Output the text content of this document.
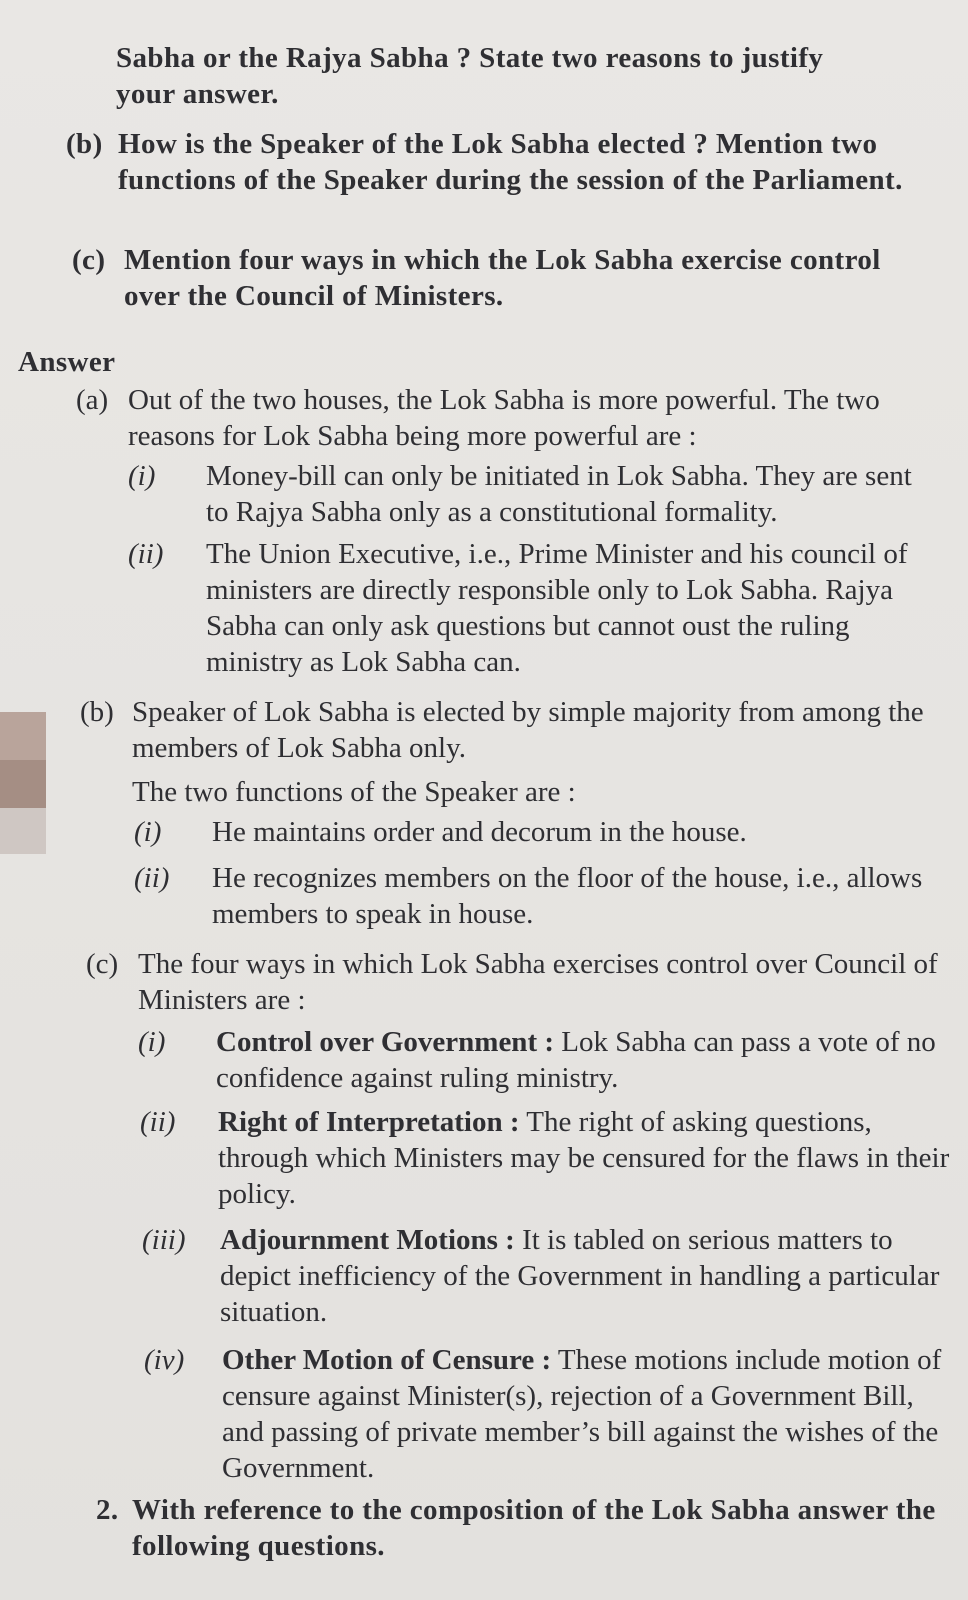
Sabha or the Rajya Sabha ? State two reasons to justify
your answer.
(b) How is the Speaker of the Lok Sabha elected ? Mention two functions of the Speaker during the session of the Parliament.
(c) Mention four ways in which the Lok Sabha exercise control over the Council of Ministers.
Answer
(a) Out of the two houses, the Lok Sabha is more powerful. The two reasons for Lok Sabha being more powerful are :
(i)	Money-bill can only be initiated in Lok Sabha. They are sent to Rajya Sabha only as a constitutional formality.
(ii)	The Union Executive, i.e., Prime Minister and his council of ministers are directly responsible only to Lok Sabha. Rajya Sabha can only ask questions but cannot oust the ruling ministry as Lok Sabha can.
(b) Speaker of Lok Sabha is elected by simple majority from among the members of Lok Sabha only.
The two functions of the Speaker are :
(i)	He maintains order and decorum in the house.
(ii)	He recognizes members on the floor of the house, i.e., allows members to speak in house.
(c) The four ways in which Lok Sabha exercises control over Council of Ministers are :
(i)	Control over Government : Lok Sabha can pass a vote of no confidence against ruling ministry.
(ii)	Right of Interpretation : The right of asking questions, through which Ministers may be censured for the flaws in their policy.
(iii)	Adjournment Motions : It is tabled on serious matters to depict inefficiency of the Government in handling a particular situation.
(iv)	Other Motion of Censure : These motions include motion of censure against Minister(s), rejection of a Government Bill, and passing of private member’s bill against the wishes of the Government.
2. With reference to the composition of the Lok Sabha answer the following questions.
